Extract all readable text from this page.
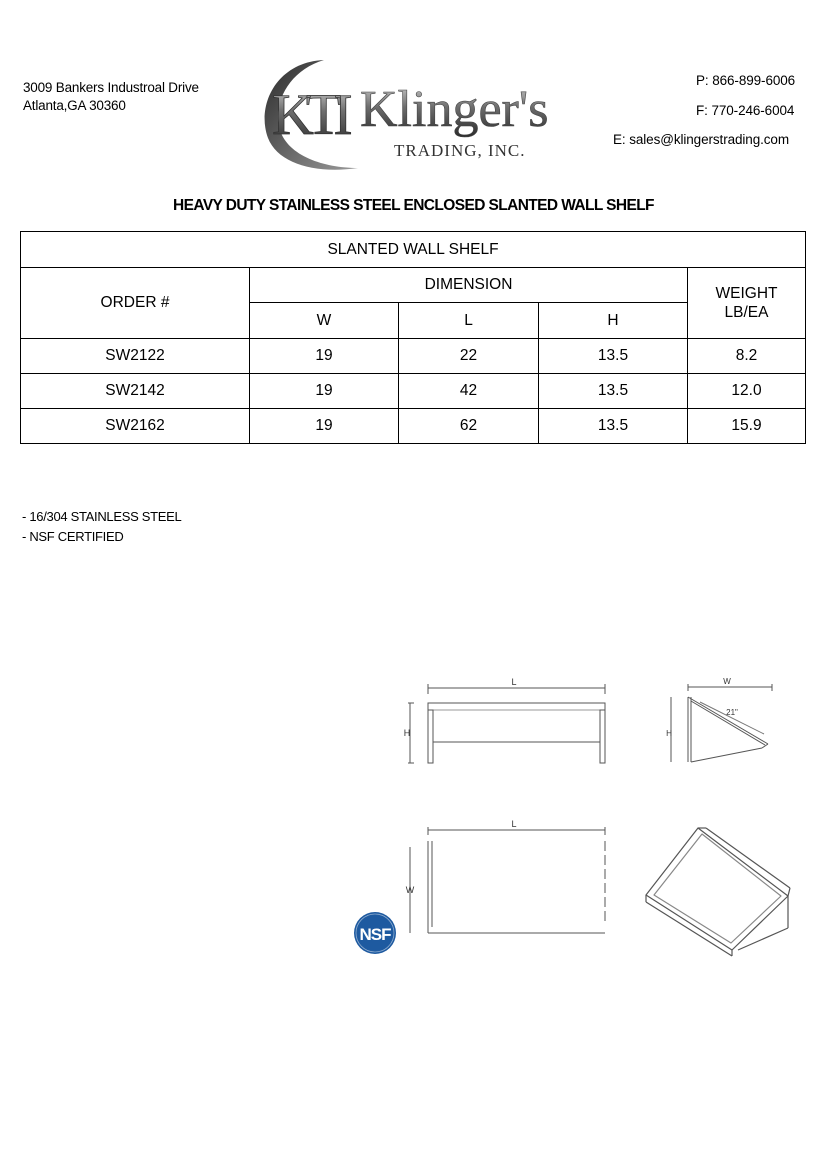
3009 Bankers Industroal Drive
Atlanta,GA 30360	KTI Klinger's
TRADING, INC.
P: 866-899-6006
F: 770-246-6004
E: sales@klingerstrading.com
HEAVY DUTY STAINLESS STEEL ENCLOSED SLANTED WALL SHELF
SLANTED WALL SHELF				
ORDER #	DIMENSION			WEIGHT
LB/EA

	W	L	H	
SW2122	19	22	13.5	8.2
SW2142	19	42	13.5	12.0
SW2162	19	62	13.5	15.9
- 16/304 STAINLESS STEEL
- NSF CERTIFIED
L
H
W
21"
H
L
W
NSF
